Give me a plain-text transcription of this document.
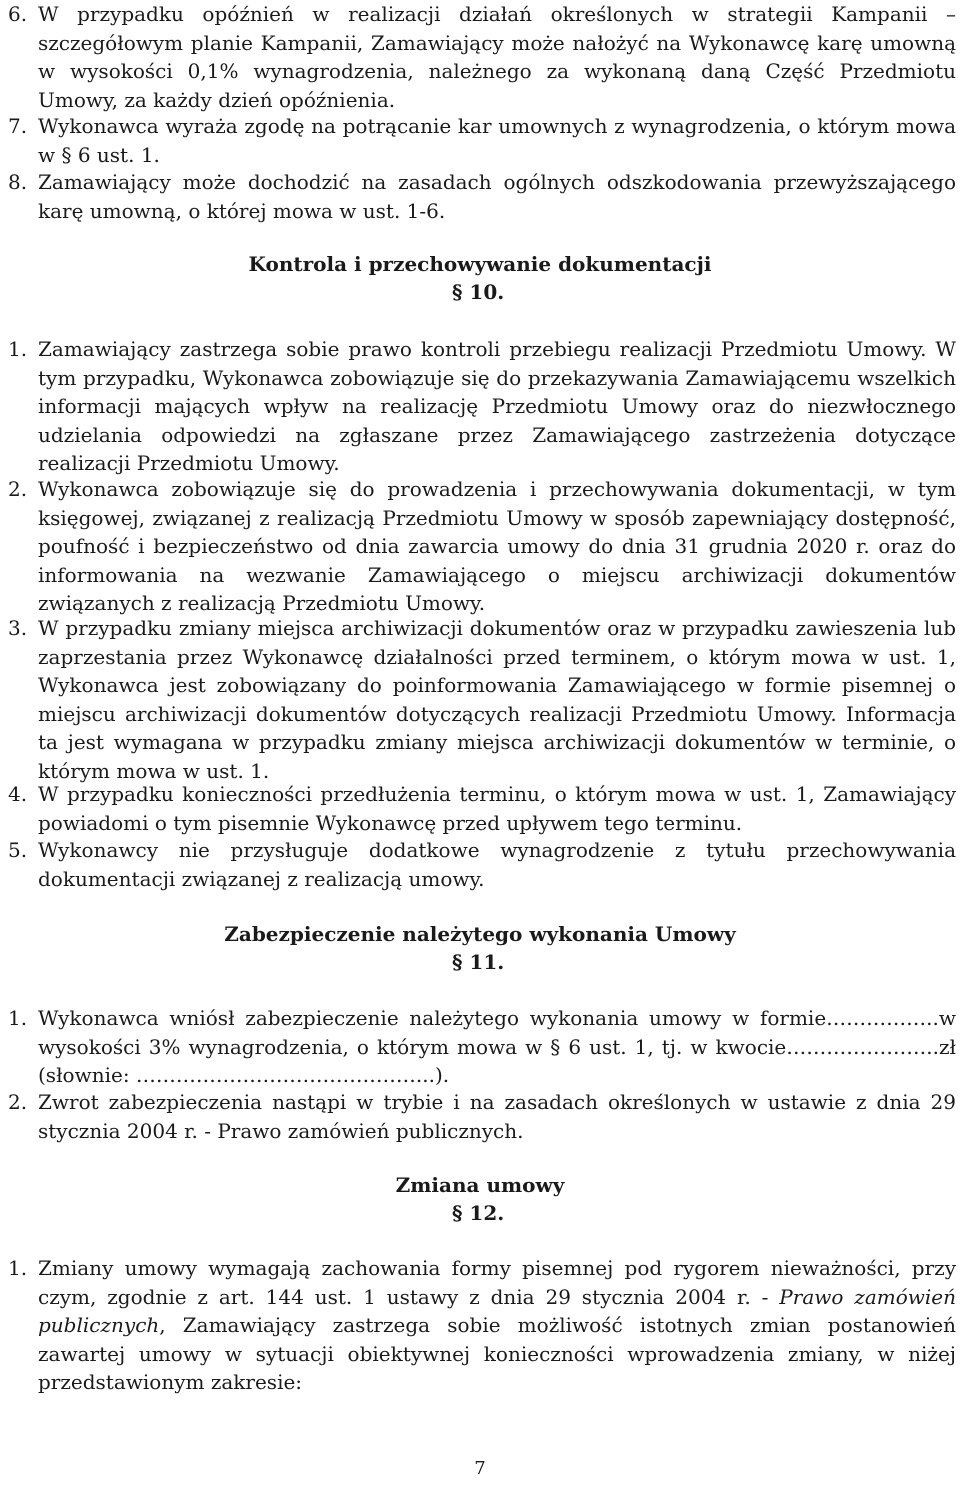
6. W przypadku opóźnień w realizacji działań określonych w strategii Kampanii – szczegółowym planie Kampanii, Zamawiający może nałożyć na Wykonawcę karę umowną w wysokości 0,1% wynagrodzenia, należnego za wykonaną daną Część Przedmiotu Umowy, za każdy dzień opóźnienia.
7. Wykonawca wyraża zgodę na potrącanie kar umownych z wynagrodzenia, o którym mowa w § 6 ust. 1.
8. Zamawiający może dochodzić na zasadach ogólnych odszkodowania przewyższającego karę umowną, o której mowa w ust. 1-6.
Kontrola i przechowywanie dokumentacji
§ 10.
1. Zamawiający zastrzega sobie prawo kontroli przebiegu realizacji Przedmiotu Umowy. W tym przypadku, Wykonawca zobowiązuje się do przekazywania Zamawiającemu wszelkich informacji mających wpływ na realizację Przedmiotu Umowy oraz do niezwłocznego udzielania odpowiedzi na zgłaszane przez Zamawiającego zastrzeżenia dotyczące realizacji Przedmiotu Umowy.
2. Wykonawca zobowiązuje się do prowadzenia i przechowywania dokumentacji, w tym księgowej, związanej z realizacją Przedmiotu Umowy w sposób zapewniający dostępność, poufność i bezpieczeństwo od dnia zawarcia umowy do dnia 31 grudnia 2020 r. oraz do informowania na wezwanie Zamawiającego o miejscu archiwizacji dokumentów związanych z realizacją Przedmiotu Umowy.
3. W przypadku zmiany miejsca archiwizacji dokumentów oraz w przypadku zawieszenia lub zaprzestania przez Wykonawcę działalności przed terminem, o którym mowa w ust. 1, Wykonawca jest zobowiązany do poinformowania Zamawiającego w formie pisemnej o miejscu archiwizacji dokumentów dotyczących realizacji Przedmiotu Umowy. Informacja ta jest wymagana w przypadku zmiany miejsca archiwizacji dokumentów w terminie, o którym mowa w ust. 1.
4. W przypadku konieczności przedłużenia terminu, o którym mowa w ust. 1, Zamawiający powiadomi o tym pisemnie Wykonawcę przed upływem tego terminu.
5. Wykonawcy nie przysługuje dodatkowe wynagrodzenie z tytułu przechowywania dokumentacji związanej z realizacją umowy.
Zabezpieczenie należytego wykonania Umowy
§ 11.
1. Wykonawca wniósł zabezpieczenie należytego wykonania umowy w formie……………..w wysokości 3% wynagrodzenia, o którym mowa w § 6 ust. 1, tj. w kwocie…………………..zł (słownie: ……………………………………...).
2. Zwrot zabezpieczenia nastąpi w trybie i na zasadach określonych w ustawie z dnia 29 stycznia 2004 r. - Prawo zamówień publicznych.
Zmiana umowy
§ 12.
1. Zmiany umowy wymagają zachowania formy pisemnej pod rygorem nieważności, przy czym, zgodnie z art. 144 ust. 1 ustawy z dnia 29 stycznia 2004 r. - Prawo zamówień publicznych, Zamawiający zastrzega sobie możliwość istotnych zmian postanowień zawartej umowy w sytuacji obiektywnej konieczności wprowadzenia zmiany, w niżej przedstawionym zakresie:
7
